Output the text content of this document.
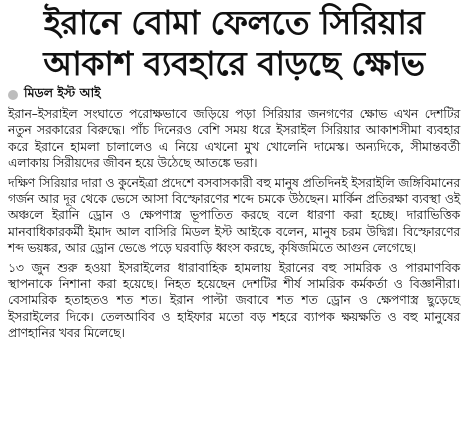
ইরানে বোমা ফেলতে সিরিয়ার
আকাশ ব্যবহারে বাড়ছে ক্ষোভ
মিডল ইস্ট আই

ইরান–ইসরাইল সংঘাতে পরোক্ষভাবে জড়িয়ে পড়া সিরিয়ার জনগণের ক্ষোভ এখন দেশটির নতুন সরকারের বিরুদ্ধে। পাঁচ দিনেরও বেশি সময় ধরে ইসরাইল সিরিয়ার আকাশসীমা ব্যবহার করে ইরানে হামলা চালালেও এ নিয়ে এখনো মুখ খোলেনি দামেস্ক। অন্যদিকে, সীমান্তবর্তী এলাকায় সিরীয়দের জীবন হয়ে উঠেছে আতঙ্কে ভরা।

দক্ষিণ সিরিয়ার দারা ও কুনেইত্রা প্রদেশে বসবাসকারী বহু মানুষ প্রতিদিনই ইসরাইলি জঙ্গিবিমানের গর্জন আর দূর থেকে ভেসে আসা বিস্ফোরণের শব্দে চমকে উঠছেন। মার্কিন প্রতিরক্ষা ব্যবস্থা ওই অঞ্চলে ইরানি ড্রোন ও ক্ষেপণাস্ত্র ভূপাতিত করছে বলে ধারণা করা হচ্ছে। দারাভিত্তিক মানবাধিকারকর্মী ইমাদ আল বাসিরি মিডল ইস্ট আইকে বলেন, মানুষ চরম উদ্বিগ্ন। বিস্ফোরণের শব্দ ভয়ঙ্কর, আর ড্রোন ভেঙে পড়ে ঘরবাড়ি ধ্বংস করছে, কৃষিজমিতে আগুন লেগেছে।

১৩ জুন শুরু হওয়া ইসরাইলের ধারাবাহিক হামলায় ইরানের বহু সামরিক ও পারমাণবিক স্থাপনাকে নিশানা করা হয়েছে। নিহত হয়েছেন দেশটির শীর্ষ সামরিক কর্মকর্তা ও বিজ্ঞানীরা। বেসামরিক হতাহতও শত শত। ইরান পাল্টা জবাবে শত শত ড্রোন ও ক্ষেপণাস্ত্র ছুড়েছে ইসরাইলের দিকে। তেলআবিব ও হাইফার মতো বড় শহরে ব্যাপক ক্ষয়ক্ষতি ও বহু মানুষের প্রাণহানির খবর মিলেছে।
